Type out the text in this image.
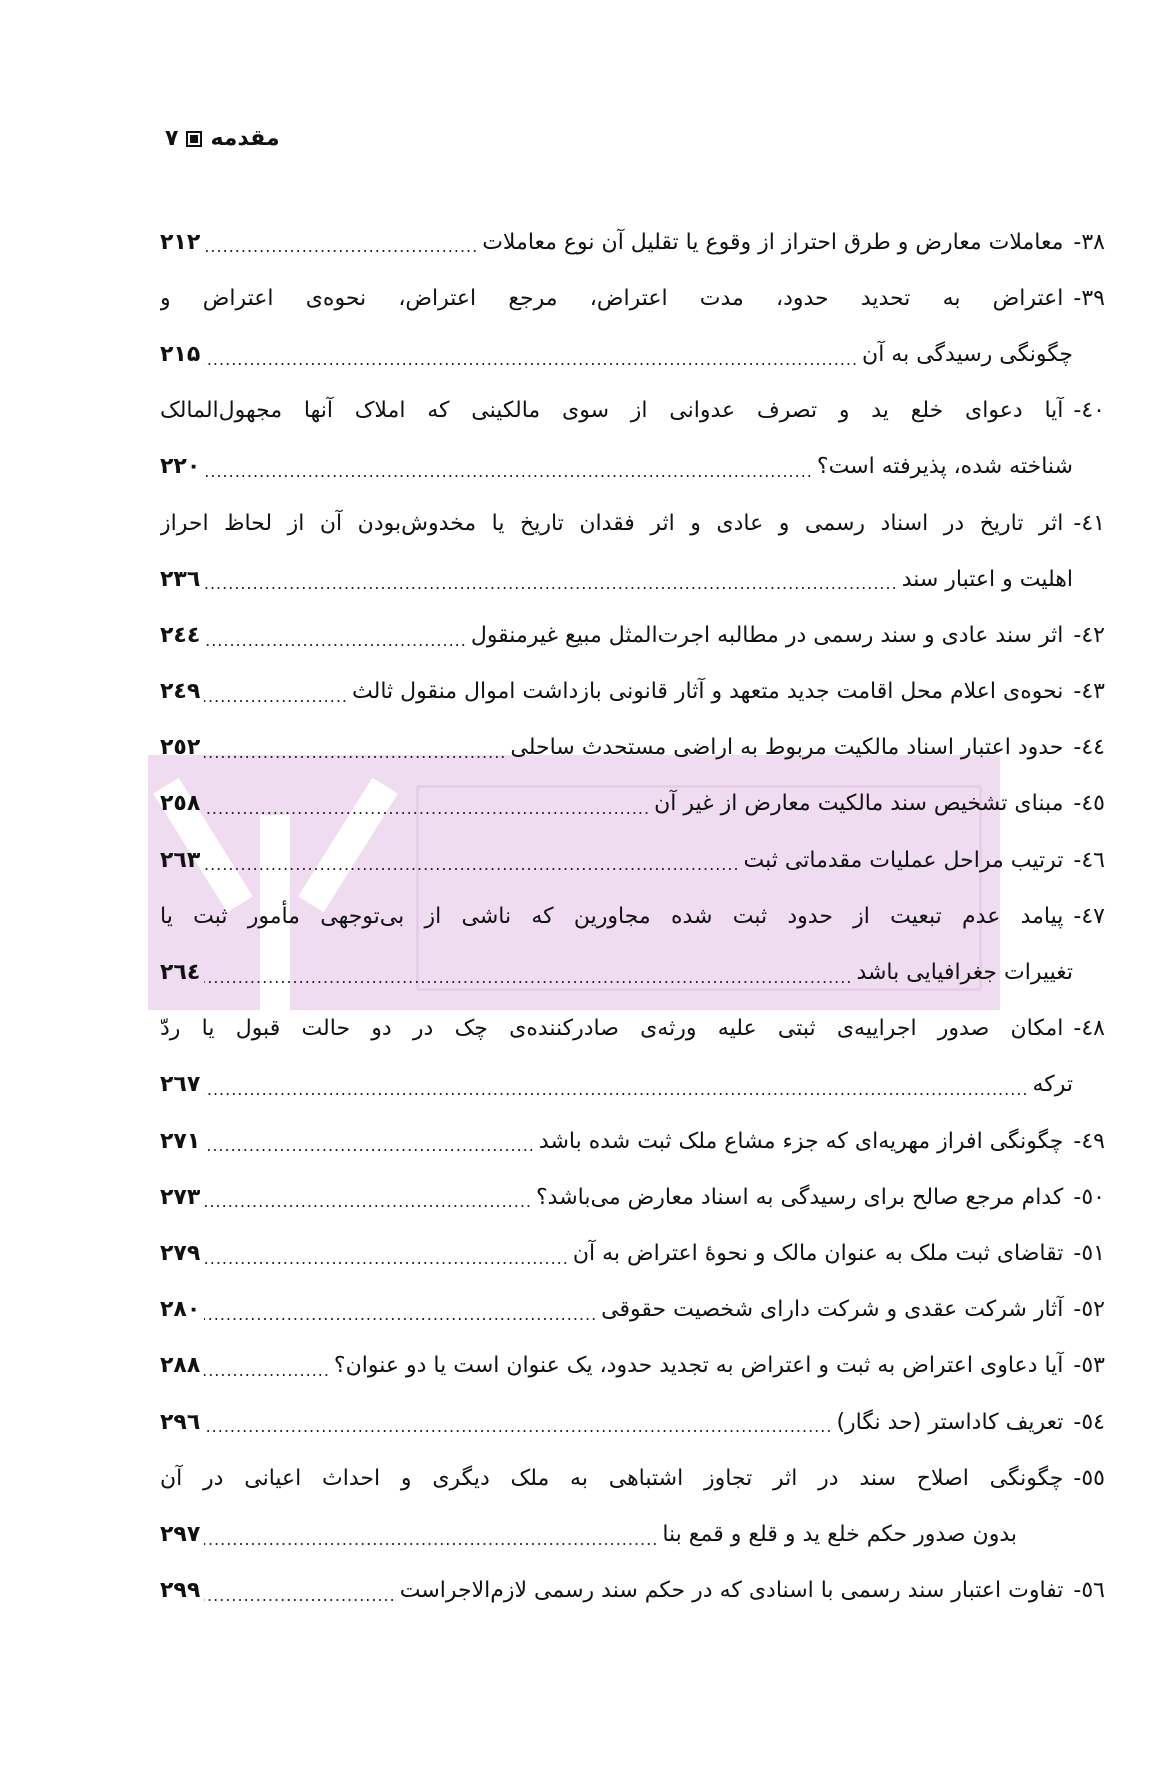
مقدمه
۷
۳۸-
معاملات معارض و طرق احتراز از وقوع یا تقلیل آن نوع معاملات
.....
۲۱۲
۳۹-
اعتراض به تحدید حدود، مدت اعتراض، مرجع اعتراض، نحوه‌ی اعتراض و
چگونگی رسیدگی به آن
.....
۲۱۵
٤۰-
آیا دعوای خلع ید و تصرف عدوانی از سوی مالکینی که املاک آنها مجهول‌المالک
شناخته شده، پذیرفته است؟
.....
۲۲۰
٤۱-
اثر تاریخ در اسناد رسمی و عادی و اثر فقدان تاریخ یا مخدوش‌بودن آن از لحاظ احراز
اهلیت و اعتبار سند
.....
۲۳٦
٤۲-
اثر سند عادی و سند رسمی در مطالبه اجرت‌المثل مبیع غیرمنقول
.....
۲٤٤
٤۳-
نحوه‌ی اعلام محل اقامت جدید متعهد و آثار قانونی بازداشت اموال منقول ثالث
.....
۲٤۹
٤٤-
حدود اعتبار اسناد مالکیت مربوط به اراضی مستحدث ساحلی
.....
۲٥۲
٤٥-
مبنای تشخیص سند مالکیت معارض از غیر آن
.....
۲٥۸
٤٦-
ترتیب مراحل عملیات مقدماتی ثبت
.....
۲٦۳
٤۷-
پیامد عدم تبعیت از حدود ثبت شده مجاورین که ناشی از بی‌توجهی مأمور ثبت یا
تغییرات جغرافیایی باشد
.....
۲٦٤
٤۸-
امکان صدور اجراییه‌ی ثبتی علیه ورثه‌ی صادرکننده‌ی چک در دو حالت قبول یا ردّ
ترکه
.....
۲٦۷
٤۹-
چگونگی افراز مهریه‌ای که جزء مشاع ملک ثبت شده باشد
.....
۲۷۱
٥۰-
کدام مرجع صالح برای رسیدگی به اسناد معارض می‌باشد؟
.....
۲۷۳
٥۱-
تقاضای ثبت ملک به عنوان مالک و نحوهٔ اعتراض به آن
.....
۲۷۹
٥۲-
آثار شرکت عقدی و شرکت دارای شخصیت حقوقی
.....
۲۸۰
٥۳-
آیا دعاوی اعتراض به ثبت و اعتراض به تجدید حدود، یک عنوان است یا دو عنوان؟
.....
۲۸۸
٥٤-
تعریف کاداستر (حد نگار)
.....
۲۹٦
٥٥-
چگونگی اصلاح سند در اثر تجاوز اشتباهی به ملک دیگری و احداث اعیانی در آن
بدون صدور حکم خلع ید و قلع و قمع بنا
.....
۲۹۷
٥٦-
تفاوت اعتبار سند رسمی با اسنادی که در حکم سند رسمی لازم‌الاجراست
.....
۲۹۹
